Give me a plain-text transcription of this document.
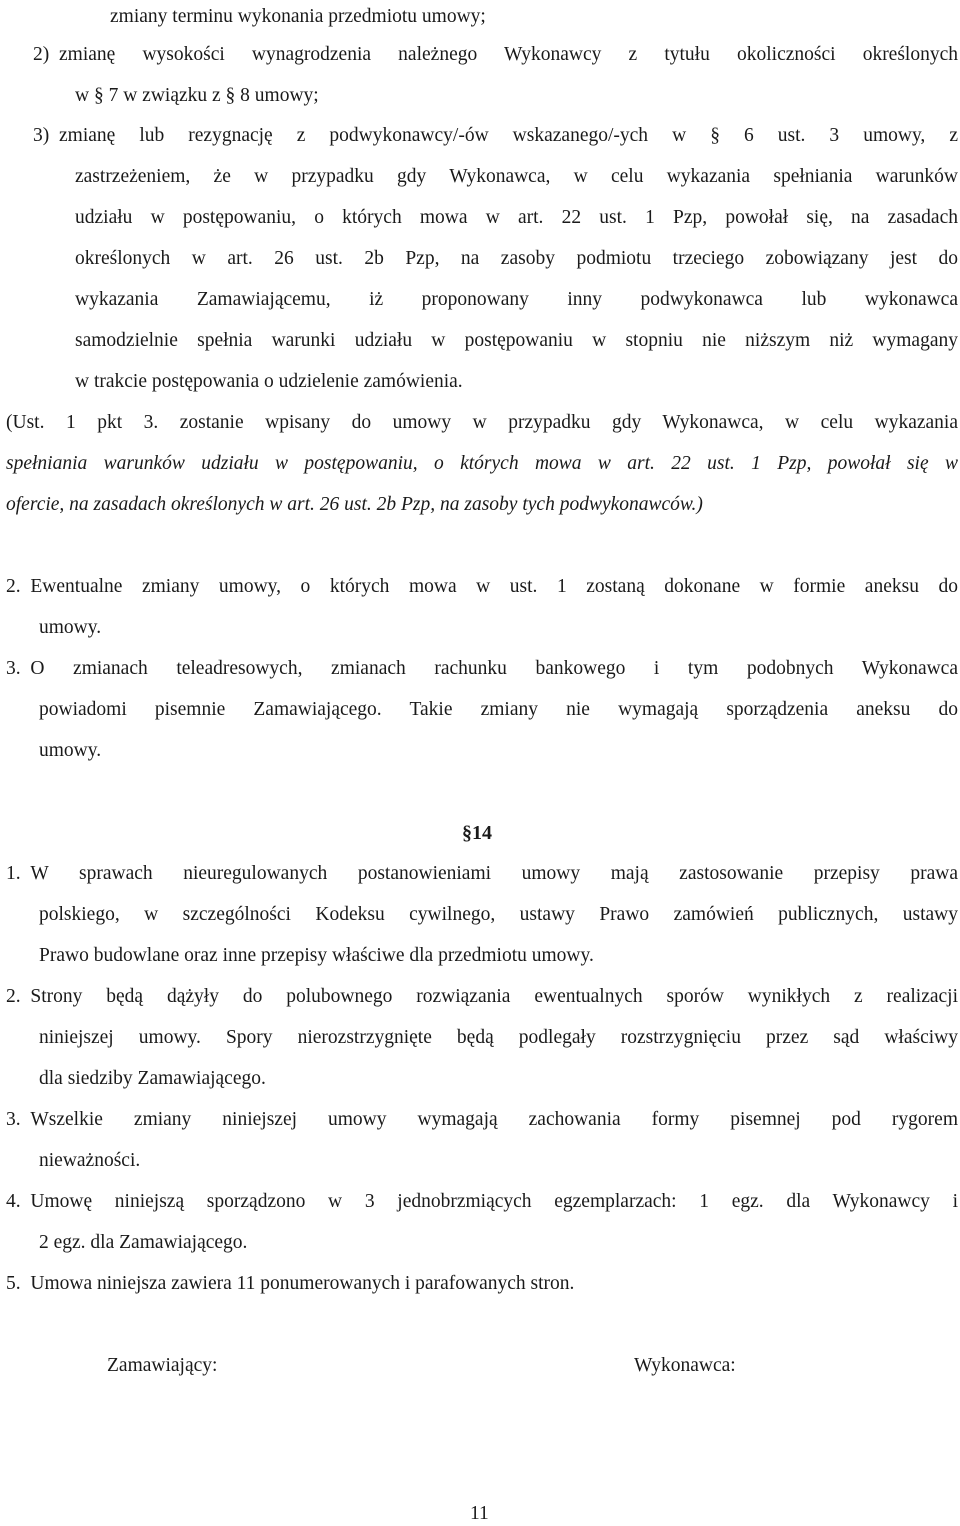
zmiany terminu wykonania przedmiotu umowy;
2) zmianę wysokości wynagrodzenia należnego Wykonawcy z tytułu okoliczności określonych
w § 7 w związku z § 8 umowy;
3) zmianę lub rezygnację z podwykonawcy/-ów wskazanego/-ych w § 6 ust. 3 umowy, z
zastrzeżeniem, że w przypadku gdy Wykonawca, w celu wykazania spełniania warunków
udziału w postępowaniu, o których mowa w art. 22 ust. 1 Pzp, powołał się, na zasadach
określonych w art. 26 ust. 2b Pzp, na zasoby podmiotu trzeciego zobowiązany jest do
wykazania Zamawiającemu, iż proponowany inny podwykonawca lub wykonawca
samodzielnie spełnia warunki udziału w postępowaniu w stopniu nie niższym niż wymagany
w trakcie postępowania o udzielenie zamówienia.
(Ust. 1 pkt 3. zostanie wpisany do umowy w przypadku gdy Wykonawca, w celu wykazania
spełniania warunków udziału w postępowaniu, o których mowa w art. 22 ust. 1 Pzp, powołał się w
ofercie, na zasadach określonych w art. 26 ust. 2b Pzp, na zasoby tych podwykonawców.)
2. Ewentualne zmiany umowy, o których mowa w ust. 1 zostaną dokonane w formie aneksu do
umowy.
3. O zmianach teleadresowych, zmianach rachunku bankowego i tym podobnych Wykonawca
powiadomi pisemnie Zamawiającego. Takie zmiany nie wymagają sporządzenia aneksu do
umowy.
§14
1. W sprawach nieuregulowanych postanowieniami umowy mają zastosowanie przepisy prawa
polskiego, w szczególności Kodeksu cywilnego, ustawy Prawo zamówień publicznych, ustawy
Prawo budowlane oraz inne przepisy właściwe dla przedmiotu umowy.
2. Strony będą dążyły do polubownego rozwiązania ewentualnych sporów wynikłych z realizacji
niniejszej umowy. Spory nierozstrzygnięte będą podlegały rozstrzygnięciu przez sąd właściwy
dla siedziby Zamawiającego.
3. Wszelkie zmiany niniejszej umowy wymagają zachowania formy pisemnej pod rygorem
nieważności.
4. Umowę niniejszą sporządzono w 3 jednobrzmiących egzemplarzach: 1 egz. dla Wykonawcy i
2 egz. dla Zamawiającego.
5. Umowa niniejsza zawiera 11 ponumerowanych i parafowanych stron.
Zamawiający:	Wykonawca:
11
